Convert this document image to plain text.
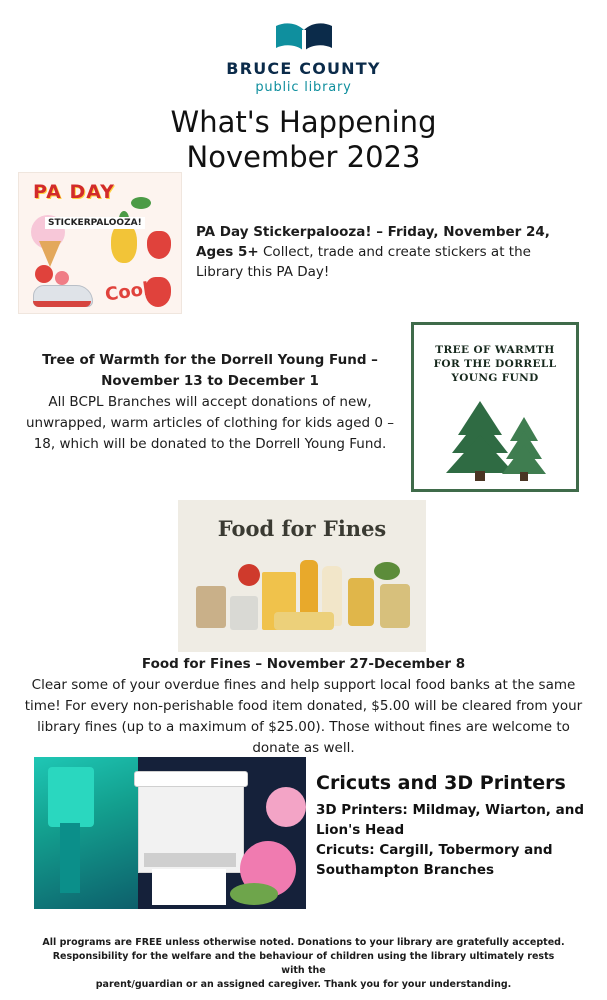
BRUCE COUNTY
public library
What's Happening
November 2023
PA DAY
STICKERPALOOZA!
Cool!
PA Day Stickerpalooza! – Friday, November 24, Ages 5+ Collect, trade and create stickers at the Library this PA Day!
Tree of Warmth for the Dorrell Young Fund –
November 13 to December 1
All BCPL Branches will accept donations of new, unwrapped, warm articles of clothing for kids aged 0 – 18, which will be donated to the Dorrell Young Fund.
TREE OF WARMTH FOR THE DORRELL YOUNG FUND
Food for Fines
Food for Fines – November 27-December 8
Clear some of your overdue fines and help support local food banks at the same time! For every non-perishable food item donated, $5.00 will be cleared from your library fines (up to a maximum of $25.00). Those without fines are welcome to donate as well.
Cricuts and 3D Printers
3D Printers: Mildmay, Wiarton, and Lion's Head
Cricuts: Cargill, Tobermory and Southampton Branches
All programs are FREE unless otherwise noted. Donations to your library are gratefully accepted.
Responsibility for the welfare and the behaviour of children using the library ultimately rests with the
parent/guardian or an assigned caregiver. Thank you for your understanding.
